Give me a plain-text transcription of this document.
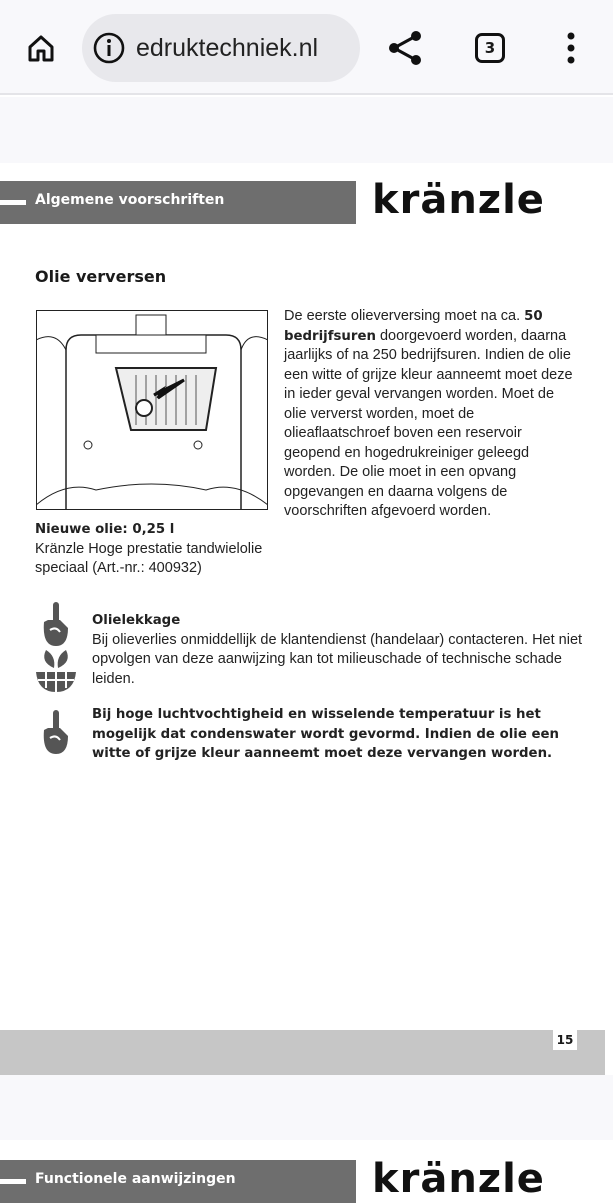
edruktechniek.nl	3
Algemene voorschriften	kränzle
Olie verversen
De eerste olieverversing moet na ca. 50 bedrijfsuren doorgevoerd worden, daarna jaarlijks of na 250 bedrijfsuren. Indien de olie een witte of grijze kleur aanneemt moet deze in ieder geval vervangen worden. Moet de olie ververst worden, moet de olieaflaatschroef boven een reservoir geopend en hogedrukreiniger geleegd worden. De olie moet in een opvang opgevangen en daarna volgens de voorschriften afgevoerd worden.
Nieuwe olie: 0,25 l
Kränzle Hoge prestatie tandwielolie speciaal (Art.-nr.: 400932)
Olielekkage
Bij olieverlies onmiddellijk de klantendienst (handelaar) contacteren. Het niet opvolgen van deze aanwijzing kan tot milieuschade of technische schade leiden.
Bij hoge luchtvochtigheid en wisselende temperatuur is het mogelijk dat condenswater wordt gevormd. Indien de olie een witte of grijze kleur aanneemt moet deze vervangen worden.
15
Functionele aanwijzingen	kränzle
